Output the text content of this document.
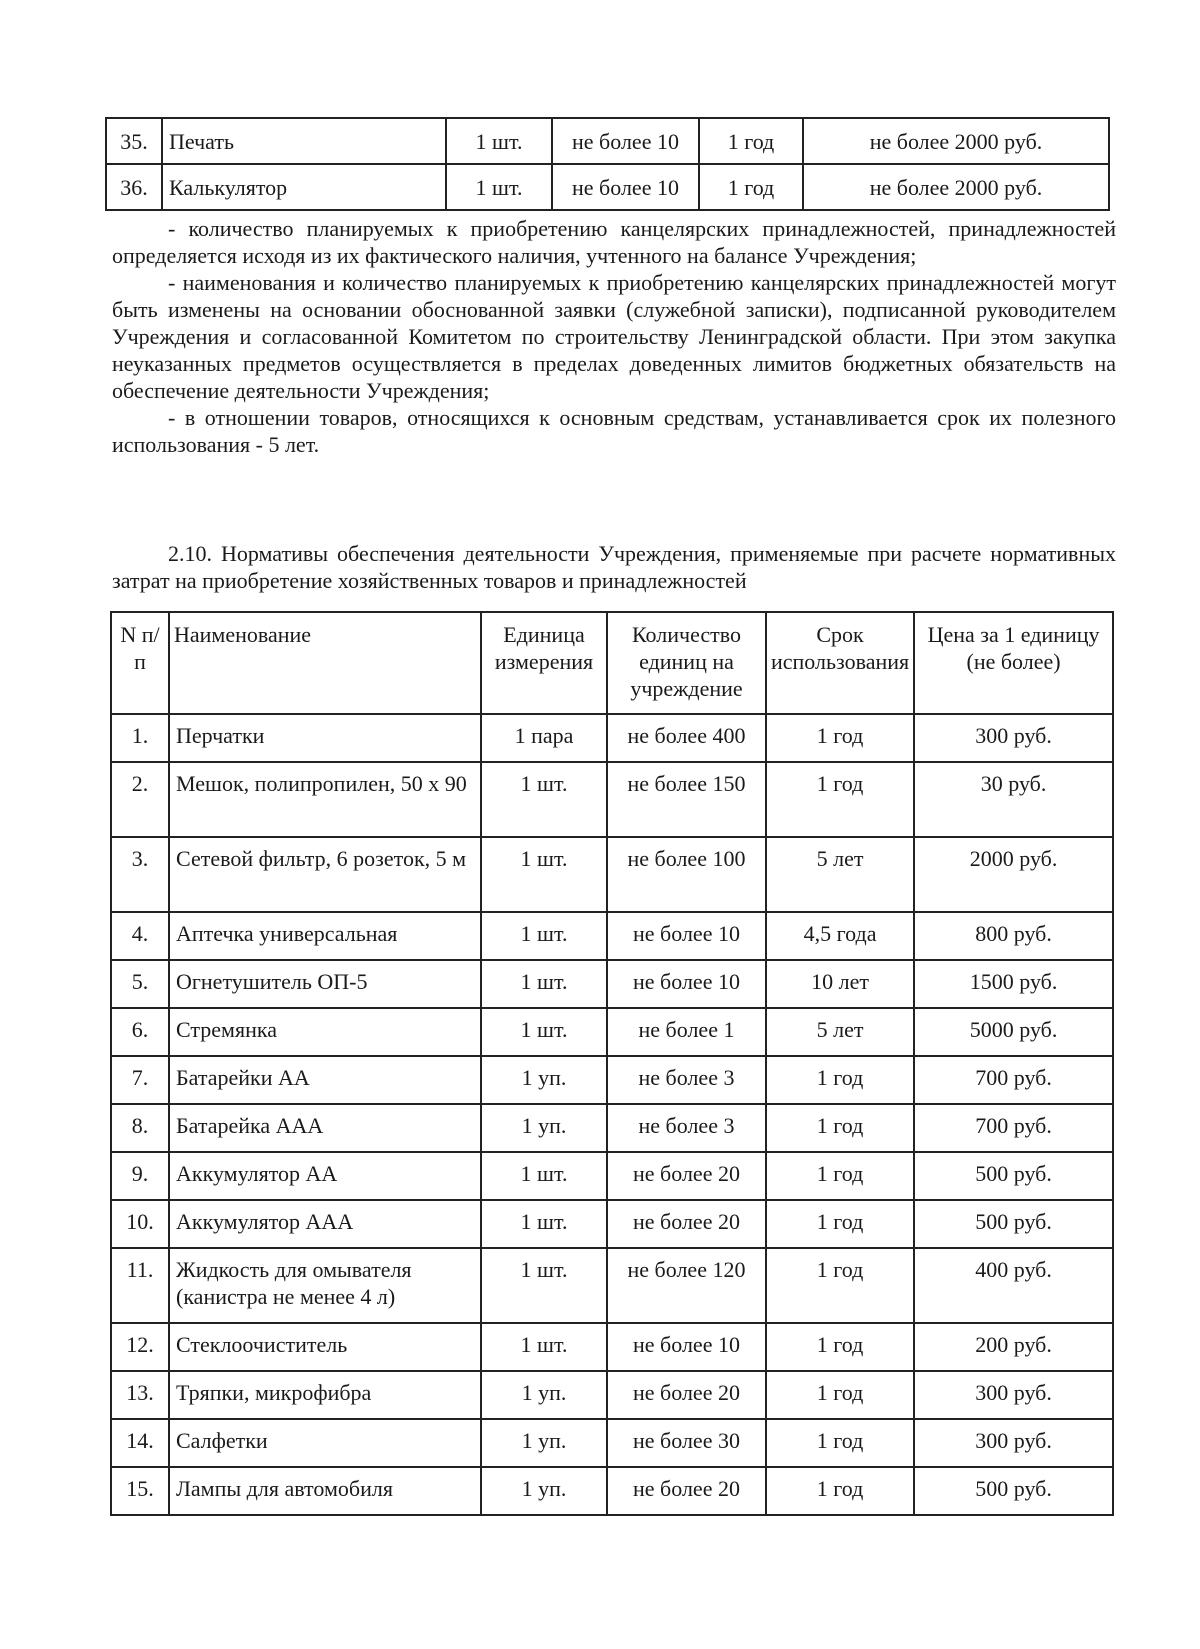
35.	Печать	1 шт.	не более 10	1 год	не более 2000 руб.
36.	Калькулятор	1 шт.	не более 10	1 год	не более 2000 руб.

- количество планируемых к приобретению канцелярских принадлежностей, принадлежностей определяется исходя из их фактического наличия, учтенного на балансе Учреждения;

- наименования и количество планируемых к приобретению канцелярских принадлежностей могут быть изменены на основании обоснованной заявки (служебной записки), подписанной руководителем Учреждения и согласованной Комитетом по строительству Ленинградской области. При этом закупка неуказанных предметов осуществляется в пределах доведенных лимитов бюджетных обязательств на обеспечение деятельности Учреждения;

- в отношении товаров, относящихся к основным средствам, устанавливается срок их полезного использования - 5 лет.

2.10. Нормативы обеспечения деятельности Учреждения, применяемые при расчете нормативных затрат на приобретение хозяйственных товаров и принадлежностей

N п/п	Наименование	Единица измерения	Количество единиц на учреждение	Срок использования	Цена за 1 единицу (не более)
1.	Перчатки	1 пара	не более 400	1 год	300 руб.
2.	Мешок, полипропилен, 50 х 90	1 шт.	не более 150	1 год	30 руб.
3.	Сетевой фильтр, 6 розеток, 5 м	1 шт.	не более 100	5 лет	2000 руб.
4.	Аптечка универсальная	1 шт.	не более 10	4,5 года	800 руб.
5.	Огнетушитель ОП-5	1 шт.	не более 10	10 лет	1500 руб.
6.	Стремянка	1 шт.	не более 1	5 лет	5000 руб.
7.	Батарейки АА	1 уп.	не более 3	1 год	700 руб.
8.	Батарейка ААА	1 уп.	не более 3	1 год	700 руб.
9.	Аккумулятор АА	1 шт.	не более 20	1 год	500 руб.
10.	Аккумулятор ААА	1 шт.	не более 20	1 год	500 руб.
11.	Жидкость для омывателя (канистра не менее 4 л)	1 шт.	не более 120	1 год	400 руб.
12.	Стеклоочиститель	1 шт.	не более 10	1 год	200 руб.
13.	Тряпки, микрофибра	1 уп.	не более 20	1 год	300 руб.
14.	Салфетки	1 уп.	не более 30	1 год	300 руб.
15.	Лампы для автомобиля	1 уп.	не более 20	1 год	500 руб.
